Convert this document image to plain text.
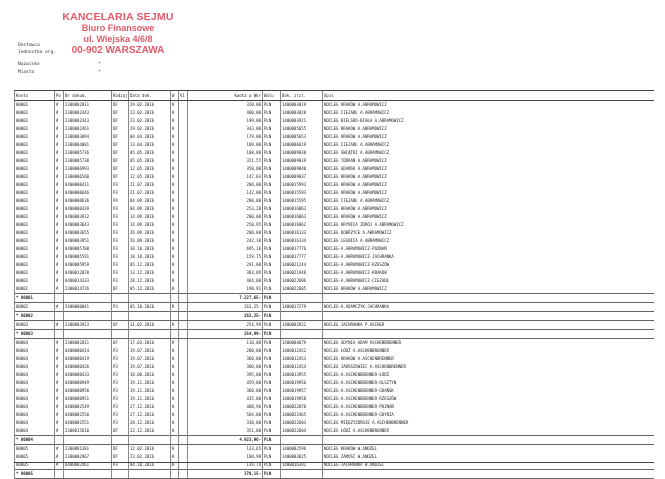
KANCELARIA SEJMU
Biuro Finansowe
ul. Wiejska 4/6/8
00-902 WARSZAWA
Dostawca
Jednostka org.
Nazwisko	*
Miasto	*
Konto	Po	Nr dokum.	Rodzaj	Data dok.	W	V1	Kwota w Wkr	Walu	Dok. zrzl.	Opis
80001	#	2300002011	DF	29.02.2016	K		320,00	PLN	1400003019	NOCLEG KRAKÓW A.ABRAMOWICZ
80001	#	2300002443	DF	23.02.2016	K		400,00	PLN	1400003020	NOCLEG CIEZADŁ A.ABRAMOWICZ
80001	#	2300002443	DF	23.02.2016	K		199,00	PLN	1400003921	NOCLEG BIELSKO-BIAŁA A.ABRAMOWICZ
80001	#	2300002461	DF	29.02.2016	K		343,00	PLN	1400005655	NOCLEG KRAKÓW A.ABRAMOWICZ
80001	#	2300003094	DF	04.04.2016	K		179,00	PLN	1400005653	NOCLEG KRAKÓW A.ABRAMOWICZ
80001	#	2300004081	DF	13.04.2016	K		109,00	PLN	1400006619	NOCLEG CIEZADŁ A.ABRAMOWICZ
80001	#	2300005736	DF	05.05.2016	K		108,00	PLN	1400009038	NOCLEG ŚWIĄTKI A.ABRAMOWICZ
80001	#	2300005738	DF	05.05.2016	K		321,55	PLN	1400009039	NOCLEG TODRAŃ A.ABRAMOWICZ
80001	#	2300006993	DF	12.05.2016	K		350,00	PLN	1400009040	NOCLEG GDAŃSK A.ABRAMOWICZ
80001	#	2300006560	DF	12.05.2016	K		147,03	PLN	1400009037	NOCLEG KRAKÓW A.ABRAMOWICZ
80001	#	6400000411	P3	21.07.2016	K		280,00	PLN	1400015993	NOCLEG KRAKÓW A.ABRAMOWICZ
80001	#	6400000646	P3	21.07.2016	K		142,00	PLN	1400015593	NOCLEG KRAKÓW A.ABRAMOWICZ
80001	#	6400000636	P4	04.09.2016	K		280,00	PLN	1400015595	NOCLEG CIEZADŁ A.ABRAMOWICZ
80001	#	6400000439	P3	04.09.2016	K		253,20	PLN	1400016863	NOCLEG KRAKÓW A.ABRAMOWICZ
80001	#	6400003912	P3	14.09.2016	K		200,00	PLN	1400016863	NOCLEG KRAKÓW A.ABRAMOWICZ
80001	#	6400003643	P3	14.09.2016	K		258,95	PLN	1400016862	NOCLEG KRYNICA ZDRÓJ A.ABRAMOWICZ
80001	#	6400003655	P3	26.09.2016	K		200,00	PLN	1400016133	NOCLEG DOBRZYCE A.ABRAMOWICZ
80001	#	6400003951	P3	26.09.2016	K		242,10	PLN	1400016134	NOCLEG LEGNICA A.ABRAMOWICZ
80001	#	6400005708	P3	10.10.2016	K		695,16	PLN	1400017776	NOCLEG-A.ABRAMOWICZ-POZNAŃ
80001	#	6400005591	P3	18.10.2016	K		159,75	PLN	1400017777	NOCLEG-A.ABRAMOWICZ-JACHRANKA
80001	#	6400005959	P3	05.12.2016	K		291,00	PLN	1400021244	NOCLEG-A.ABRAMOWICZ-RZESZÓW
80001	#	6400012070	P3	13.12.2016	K		383,09	PLN	1400021948	NOCLEG-A.ABRAMOWICZ-KRAKÓW
80001	#	6400014333	P3	28.12.2016	K		464,00	PLN	1400022606	NOCLEG-A.ABRAMOWICZ-CIEZADŁ
80001	#	2300014726	DF	05.12.2016	K		198,91	PLN	1400022605	NOCLEG KRAKÓW A.ABRAMOWICZ
* 80001							7.227,65-	PLN		
80002	#	5400000041	P3	05.10.2016	K		263,25-	PLN	1400017279	NOCLEG-A.ADAMCZYK-JACHRANKA
* 80002							263,25-	PLN		
80003	#	2300003923	DF	11.02.2016	K		254,99	PLN	1400002822	NOCLEG JACHRANKA P.ASCHER
* 80003							254,99-	PLN		
80004	#	2300002011	DF	17.03.2016	K		110,00	PLN	1400004679	NOCLEG GDYNIA ADAM ASCHENBRENNER
80004	#	6400000414	P3	19.07.2016	K		280,00	PLN	1400012452	NOCLEG ŁÓDŹ A.ASCHENBRENNER
80004	#	6400000419	P3	19.07.2016	K		360,00	PLN	1400012453	NOCLEG KRAKÓW A.ASCHENBRENNER
80004	#	6400000426	P3	19.07.2016	K		380,00	PLN	1400012454	NOCLEG JAROSZOWIEC A.ASCHENBRENNER
80004	#	6400000433	P3	18.08.2016	K		395,00	PLN	1400013955	NOCLEG-A.ASCHENBRENNER-ŁÓDŹ
80004	#	6400000949	P3	19.11.2016	K		459,00	PLN	1400019956	NOCLEG-A.ASCHENBRENNER-OLSZTYN
80004	#	6400000950	P3	19.11.2016	K		360,00	PLN	1400019957	NOCLEG-A.ASCHENBRENNER-GDAŃSK
80004	#	6400000951	P3	19.11.2016	K		435,00	PLN	1400019958	NOCLEG-A.ASCHENBRENNER-RZESZÓW
80004	#	6400002549	P3	27.12.2016	K		408,96	PLN	1400022070	NOCLEG-A.ASCHENBRENNER-POZNAŃ
80004	#	6400002550	P3	27.12.2016	K		564,00	PLN	1400022465	NOCLEG-A.ASCHENBRENNER-GDYNIA
80004	#	6400002551	P3	28.12.2016	K		330,00	PLN	1400022603	NOCLEG MIĘDZYZDROJE A.ASCHENBRENNER
80004	#	2300015610	DF	22.12.2016	K		351,00	PLN	1400022604	NOCLEG ŁÓDŹ A.ASCHENBRENNER
* 80004							4.923,96-	PLN		
80005	#	2300001381	DF	12.02.2016	K		133,65	PLN	1400002596	NOCLEG KRAKÓW W.ANDZEL
80005	#	2300002967	DF	23.02.2016	K		100,90	PLN	1400003025	NOCLEG ZAMOŚĆ W.ANDZEL
80005	#	6400002461	P3	04.10.2016	K		139,74	PLN	1400016391	NOCLEG-JACHRANKA W.ANDZEL
* 80005							370,15-	PLN		
